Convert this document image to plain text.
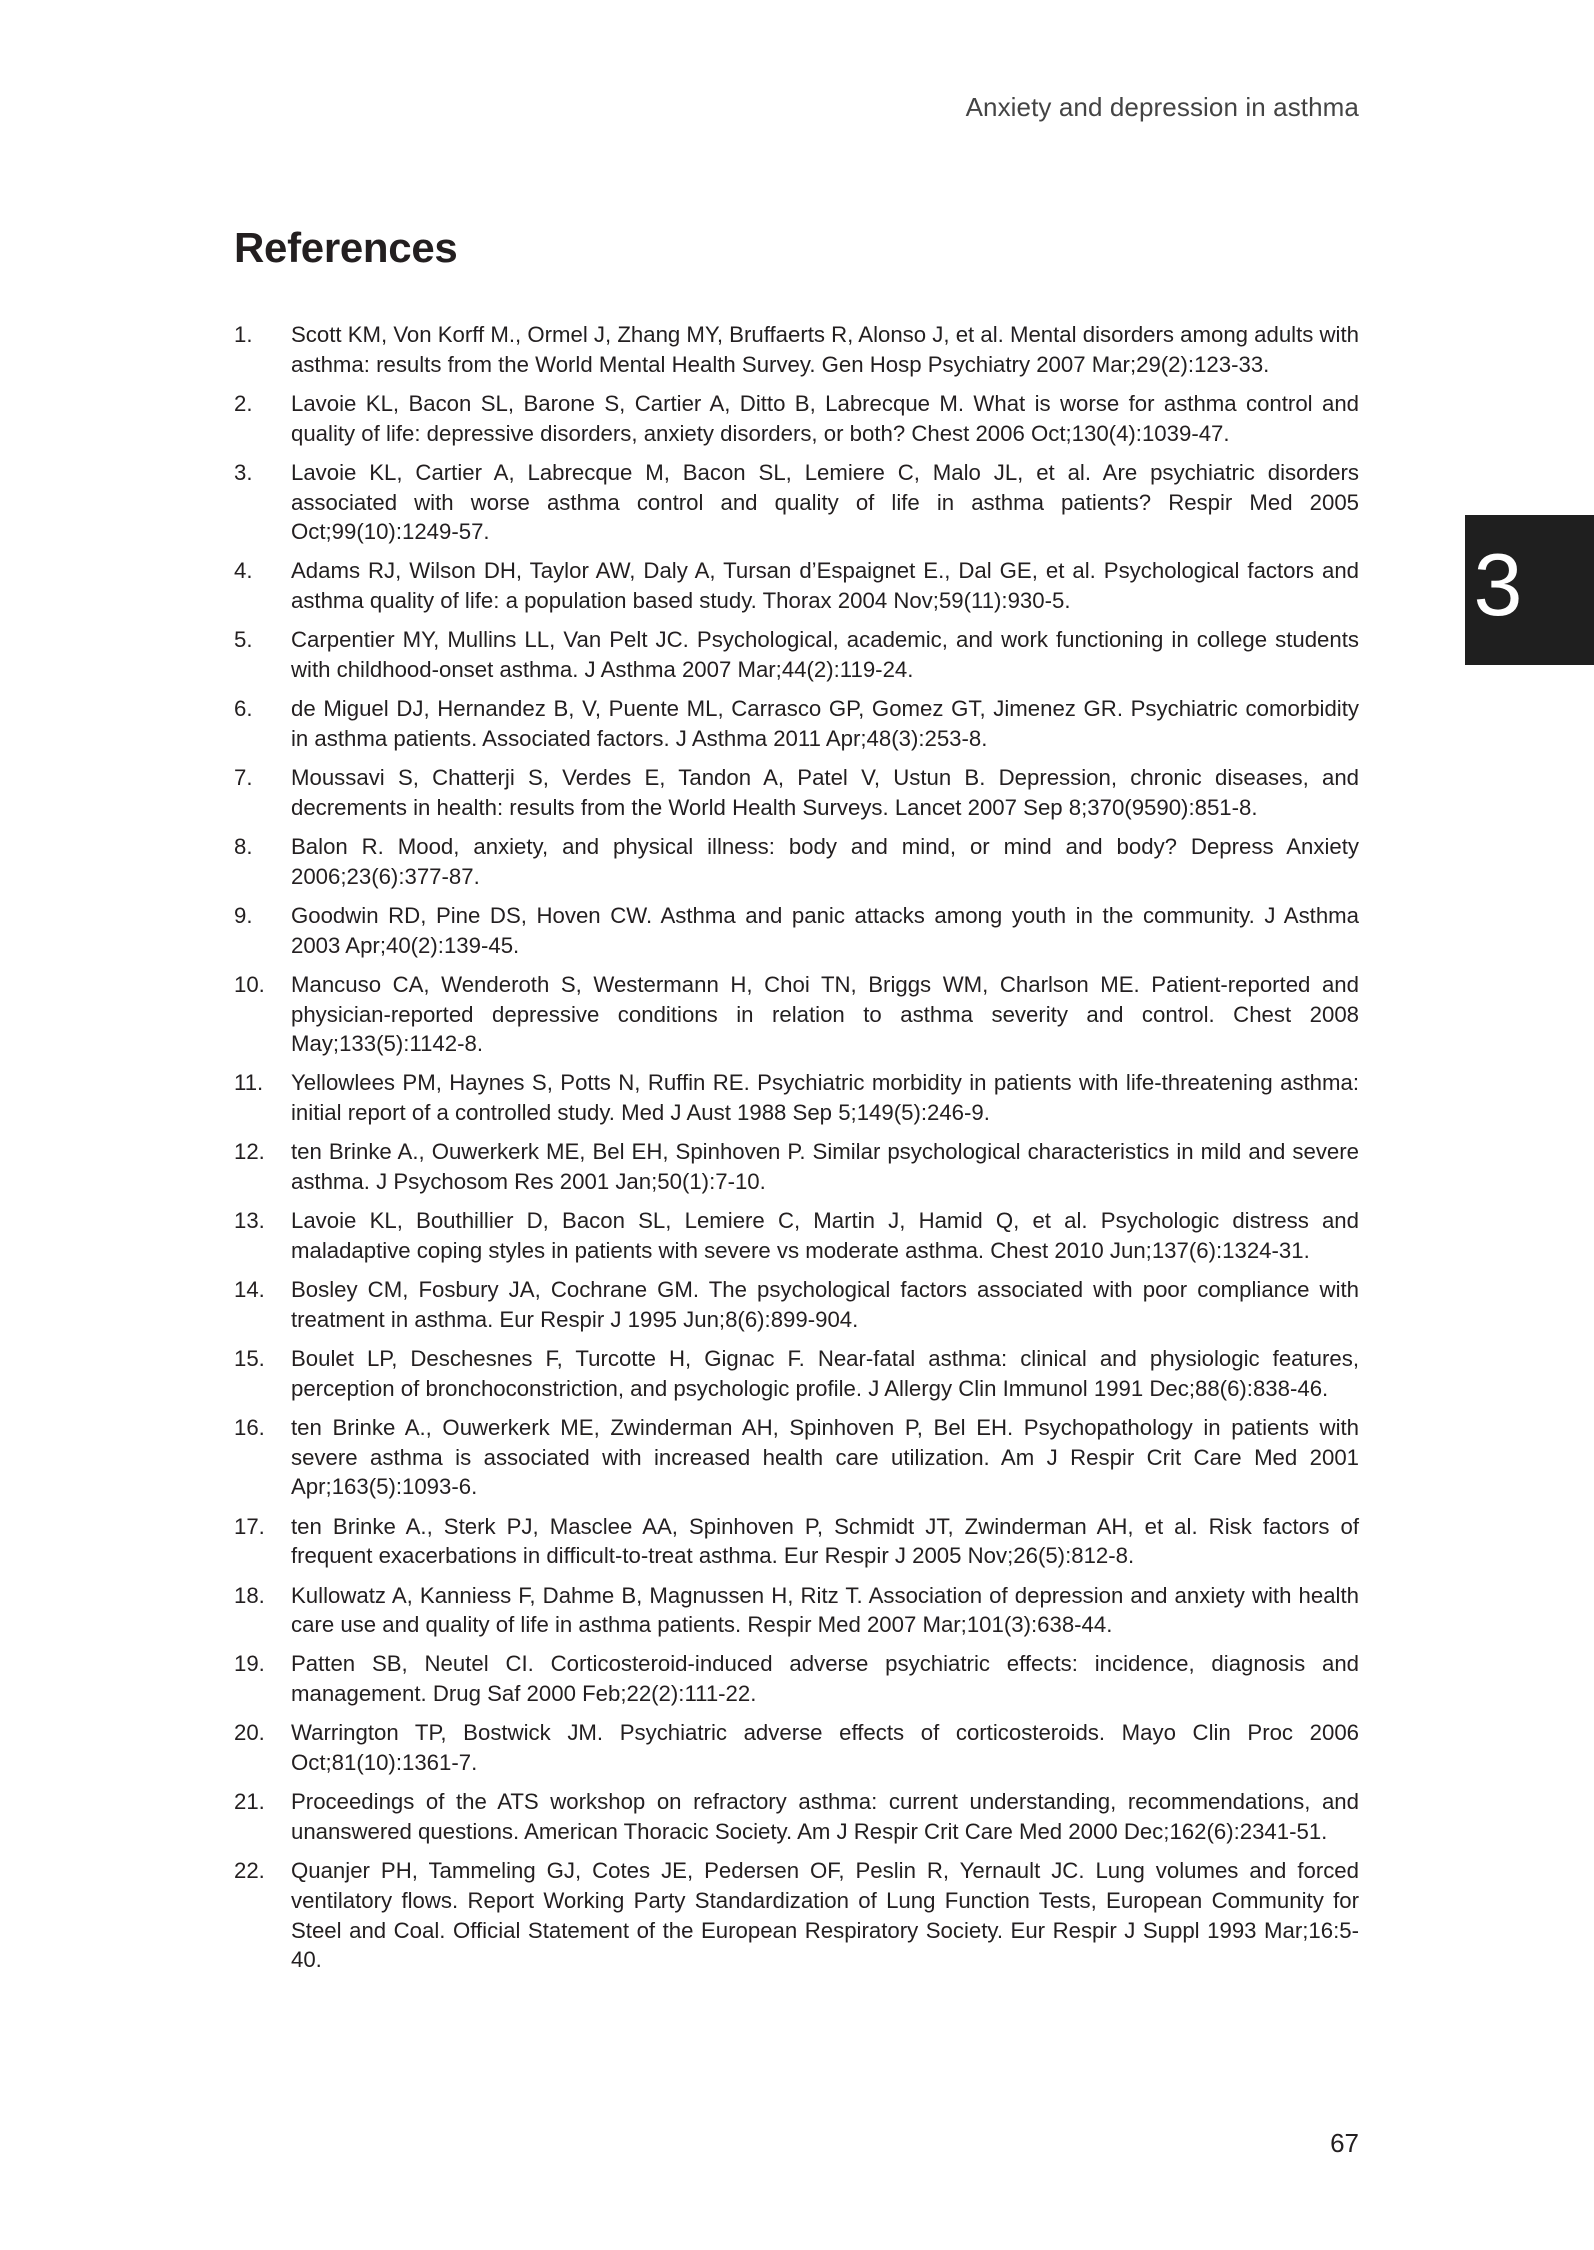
Anxiety and depression in asthma
References
1.	Scott KM, Von Korff M., Ormel J, Zhang MY, Bruffaerts R, Alonso J, et al. Mental disorders among adults with asthma: results from the World Mental Health Survey. Gen Hosp Psychiatry 2007 Mar;29(2):123-33.
2.	Lavoie KL, Bacon SL, Barone S, Cartier A, Ditto B, Labrecque M. What is worse for asthma control and quality of life: depressive disorders, anxiety disorders, or both? Chest 2006 Oct;130(4):1039-47.
3.	Lavoie KL, Cartier A, Labrecque M, Bacon SL, Lemiere C, Malo JL, et al. Are psychiatric disorders associated with worse asthma control and quality of life in asthma patients? Respir Med 2005 Oct;99(10):1249-57.
4.	Adams RJ, Wilson DH, Taylor AW, Daly A, Tursan d’Espaignet E., Dal GE, et al. Psychological factors and asthma quality of life: a population based study. Thorax 2004 Nov;59(11):930-5.
5.	Carpentier MY, Mullins LL, Van Pelt JC. Psychological, academic, and work functioning in college students with childhood-onset asthma. J Asthma 2007 Mar;44(2):119-24.
6.	de Miguel DJ, Hernandez B, V, Puente ML, Carrasco GP, Gomez GT, Jimenez GR. Psychiatric comorbidity in asthma patients. Associated factors. J Asthma 2011 Apr;48(3):253-8.
7.	Moussavi S, Chatterji S, Verdes E, Tandon A, Patel V, Ustun B. Depression, chronic diseases, and decrements in health: results from the World Health Surveys. Lancet 2007 Sep 8;370(9590):851-8.
8.	Balon R. Mood, anxiety, and physical illness: body and mind, or mind and body? Depress Anxiety 2006;23(6):377-87.
9.	Goodwin RD, Pine DS, Hoven CW. Asthma and panic attacks among youth in the community. J Asthma 2003 Apr;40(2):139-45.
10.	Mancuso CA, Wenderoth S, Westermann H, Choi TN, Briggs WM, Charlson ME. Patient-reported and physician-reported depressive conditions in relation to asthma severity and control. Chest 2008 May;133(5):1142-8.
11.	Yellowlees PM, Haynes S, Potts N, Ruffin RE. Psychiatric morbidity in patients with life-threatening asthma: initial report of a controlled study. Med J Aust 1988 Sep 5;149(5):246-9.
12.	ten Brinke A., Ouwerkerk ME, Bel EH, Spinhoven P. Similar psychological characteristics in mild and severe asthma. J Psychosom Res 2001 Jan;50(1):7-10.
13.	Lavoie KL, Bouthillier D, Bacon SL, Lemiere C, Martin J, Hamid Q, et al. Psychologic distress and maladaptive coping styles in patients with severe vs moderate asthma. Chest 2010 Jun;137(6):1324-31.
14.	Bosley CM, Fosbury JA, Cochrane GM. The psychological factors associated with poor compliance with treatment in asthma. Eur Respir J 1995 Jun;8(6):899-904.
15.	Boulet LP, Deschesnes F, Turcotte H, Gignac F. Near-fatal asthma: clinical and physiologic features, perception of bronchoconstriction, and psychologic profile. J Allergy Clin Immunol 1991 Dec;88(6):838-46.
16.	ten Brinke A., Ouwerkerk ME, Zwinderman AH, Spinhoven P, Bel EH. Psychopathology in patients with severe asthma is associated with increased health care utilization. Am J Respir Crit Care Med 2001 Apr;163(5):1093-6.
17.	ten Brinke A., Sterk PJ, Masclee AA, Spinhoven P, Schmidt JT, Zwinderman AH, et al. Risk factors of frequent exacerbations in difficult-to-treat asthma. Eur Respir J 2005 Nov;26(5):812-8.
18.	Kullowatz A, Kanniess F, Dahme B, Magnussen H, Ritz T. Association of depression and anxiety with health care use and quality of life in asthma patients. Respir Med 2007 Mar;101(3):638-44.
19.	Patten SB, Neutel CI. Corticosteroid-induced adverse psychiatric effects: incidence, diagnosis and management. Drug Saf 2000 Feb;22(2):111-22.
20.	Warrington TP, Bostwick JM. Psychiatric adverse effects of corticosteroids. Mayo Clin Proc 2006 Oct;81(10):1361-7.
21.	Proceedings of the ATS workshop on refractory asthma: current understanding, recommendations, and unanswered questions. American Thoracic Society. Am J Respir Crit Care Med 2000 Dec;162(6):2341-51.
22.	Quanjer PH, Tammeling GJ, Cotes JE, Pedersen OF, Peslin R, Yernault JC. Lung volumes and forced ventilatory flows. Report Working Party Standardization of Lung Function Tests, European Community for Steel and Coal. Official Statement of the European Respiratory Society. Eur Respir J Suppl 1993 Mar;16:5-40.
3
67
